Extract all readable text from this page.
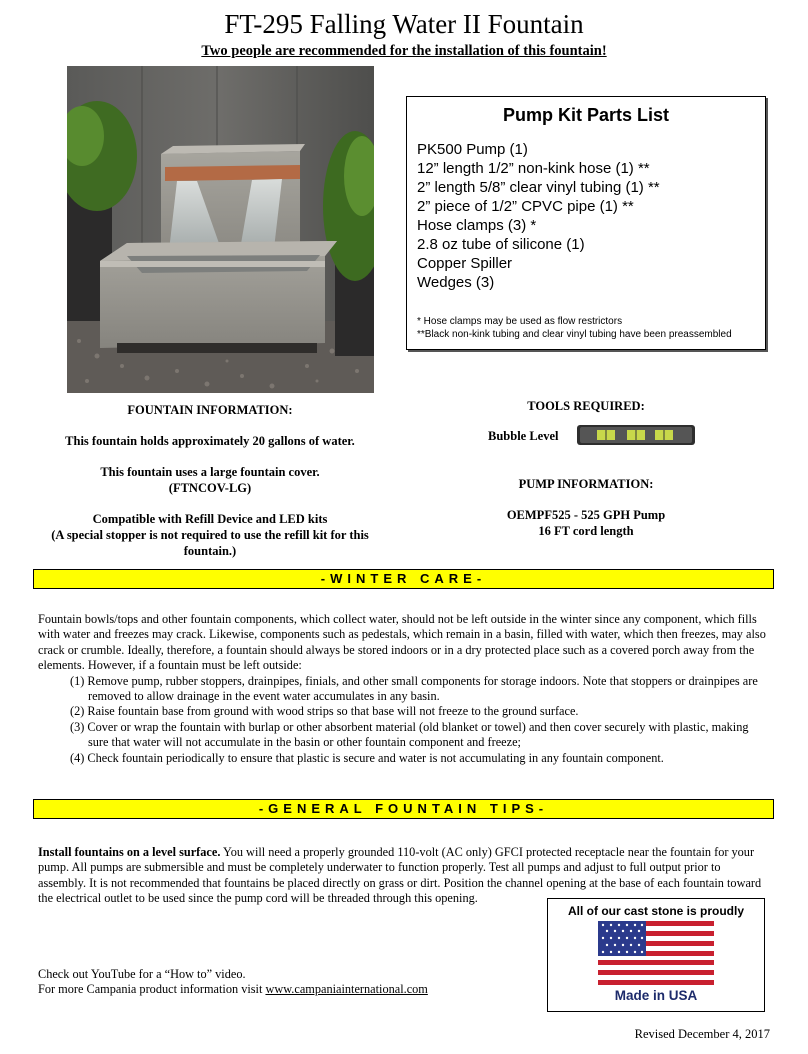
FT-295 Falling Water II Fountain
Two people are recommended for the installation of this fountain!
Pump Kit Parts List
PK500 Pump (1)
12” length 1/2” non-kink hose (1) **
2” length 5/8” clear vinyl tubing (1) **
2” piece of 1/2” CPVC pipe (1) **
Hose clamps (3) *
2.8 oz tube of silicone (1)
Copper Spiller
Wedges (3)
* Hose clamps may be used as flow restrictors
**Black non-kink tubing and clear vinyl tubing have been preassembled

FOUNTAIN INFORMATION:

This fountain holds approximately 20 gallons of water.

This fountain uses a large fountain cover.

(FTNCOV-LG)

Compatible with Refill Device and LED kits

(A special stopper is not required to use the refill kit for this fountain.)

TOOLS REQUIRED:
Bubble Level

PUMP INFORMATION:

OEMPF525 - 525 GPH Pump

16 FT cord length

-WINTER CARE-

Fountain bowls/tops and other fountain components, which collect water, should not be left outside in the winter since any component, which fills with water and freezes may crack. Likewise, components such as pedestals, which remain in a basin, filled with water, which then freezes, may also crack or crumble. Ideally, therefore, a fountain should always be stored indoors or in a dry protected place such as a covered porch away from the elements. However, if a fountain must be left outside:

(1) Remove pump, rubber stoppers, drainpipes, finials, and other small components for storage indoors. Note that stoppers or drainpipes are removed to allow drainage in the event water accumulates in any basin.
(2) Raise fountain base from ground with wood strips so that base will not freeze to the ground surface.
(3) Cover or wrap the fountain with burlap or other absorbent material (old blanket or towel) and then cover securely with plastic, making sure that water will not accumulate in the basin or other fountain component and freeze;
(4) Check fountain periodically to ensure that plastic is secure and water is not accumulating in any fountain component.
-GENERAL FOUNTAIN TIPS-

Install fountains on a level surface. You will need a properly grounded 110-volt (AC only) GFCI protected receptacle near the fountain for your pump. All pumps are submersible and must be completely underwater to function properly. Test all pumps and adjust to full output prior to assembly. It is not recommended that fountains be placed directly on grass or dirt. Position the channel opening at the base of each fountain toward the electrical outlet to be used since the pump cord will be threaded through this opening.

All of our cast stone is proudly
Made in USA

Check out YouTube for a “How to” video.

For more Campania product information visit www.campaniainternational.com

Revised December 4, 2017
